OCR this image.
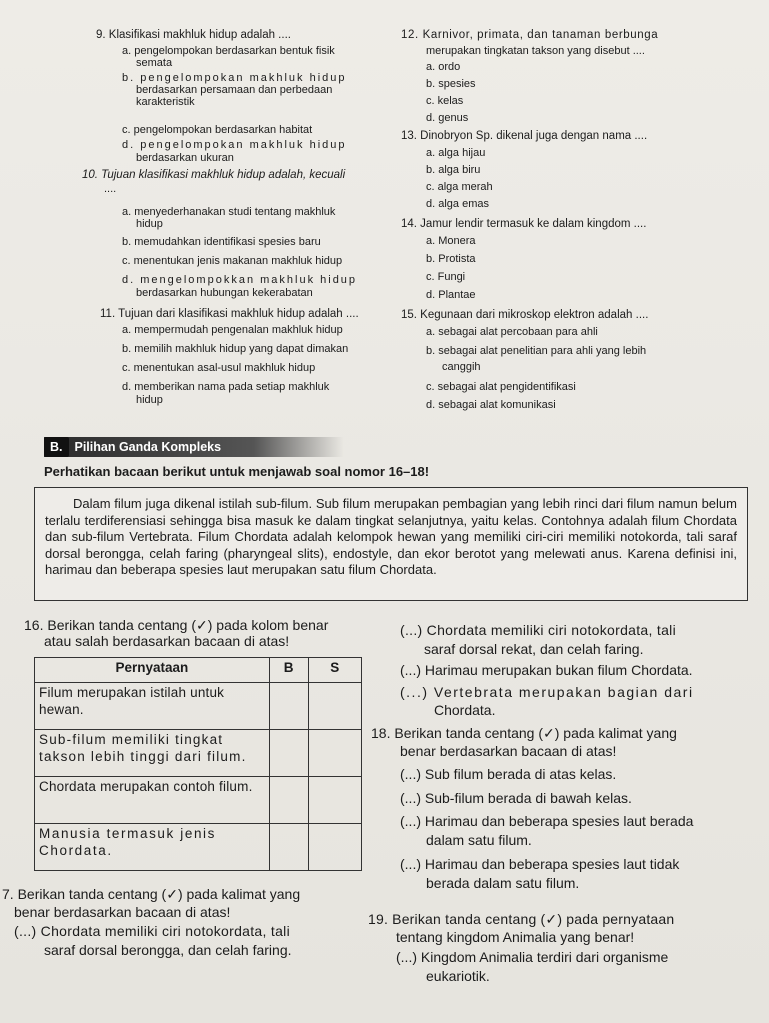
9. Klasifikasi makhluk hidup adalah ....
a. pengelompokan berdasarkan bentuk fisik
semata
b. pengelompokan makhluk hidup
berdasarkan persamaan dan perbedaan
karakteristik
c. pengelompokan berdasarkan habitat
d. pengelompokan makhluk hidup
berdasarkan ukuran
10. Tujuan klasifikasi makhluk hidup adalah, kecuali
....
a. menyederhanakan studi tentang makhluk
hidup
b. memudahkan identifikasi spesies baru
c. menentukan jenis makanan makhluk hidup
d. mengelompokkan makhluk hidup
berdasarkan hubungan kekerabatan
11. Tujuan dari klasifikasi makhluk hidup adalah ....
a. mempermudah pengenalan makhluk hidup
b. memilih makhluk hidup yang dapat dimakan
c. menentukan asal-usul makhluk hidup
d. memberikan nama pada setiap makhluk
hidup
12. Karnivor, primata, dan tanaman berbunga
merupakan tingkatan takson yang disebut ....
a. ordo
b. spesies
c. kelas
d. genus
13. Dinobryon Sp. dikenal juga dengan nama ....
a. alga hijau
b. alga biru
c. alga merah
d. alga emas
14. Jamur lendir termasuk ke dalam kingdom ....
a. Monera
b. Protista
c. Fungi
d. Plantae
15. Kegunaan dari mikroskop elektron adalah ....
a. sebagai alat percobaan para ahli
b. sebagai alat penelitian para ahli yang lebih
canggih
c. sebagai alat pengidentifikasi
d. sebagai alat komunikasi
B. Pilihan Ganda Kompleks
Perhatikan bacaan berikut untuk menjawab soal nomor 16–18!

Dalam filum juga dikenal istilah sub-filum. Sub filum merupakan pembagian yang lebih rinci dari filum namun belum terlalu terdiferensiasi sehingga bisa masuk ke dalam tingkat selanjutnya, yaitu kelas. Contohnya adalah filum Chordata dan sub-filum Vertebrata. Filum Chordata adalah kelompok hewan yang memiliki ciri-ciri memiliki notokorda, tali saraf dorsal berongga, celah faring (pharyngeal slits), endostyle, dan ekor berotot yang melewati anus. Karena definisi ini, harimau dan beberapa spesies laut merupakan satu filum Chordata.

16. Berikan tanda centang (✓) pada kolom benar
atau salah berdasarkan bacaan di atas!
Pernyataan	B	S
Filum merupakan istilah untuk hewan.		
Sub-filum memiliki tingkat takson lebih tinggi dari filum.		
Chordata merupakan contoh filum.		
Manusia termasuk jenis Chordata.		
(...) Chordata memiliki ciri notokordata, tali
saraf dorsal rekat, dan celah faring.
(...) Harimau merupakan bukan filum Chordata.
(...) Vertebrata merupakan bagian dari
Chordata.
18. Berikan tanda centang (✓) pada kalimat yang
benar berdasarkan bacaan di atas!
(...) Sub filum berada di atas kelas.
(...) Sub-filum berada di bawah kelas.
(...) Harimau dan beberapa spesies laut berada
dalam satu filum.
(...) Harimau dan beberapa spesies laut tidak
berada dalam satu filum.
7. Berikan tanda centang (✓) pada kalimat yang
benar berdasarkan bacaan di atas!
(...) Chordata memiliki ciri notokordata, tali
saraf dorsal berongga, dan celah faring.
19. Berikan tanda centang (✓) pada pernyataan
tentang kingdom Animalia yang benar!
(...) Kingdom Animalia terdiri dari organisme
eukariotik.
